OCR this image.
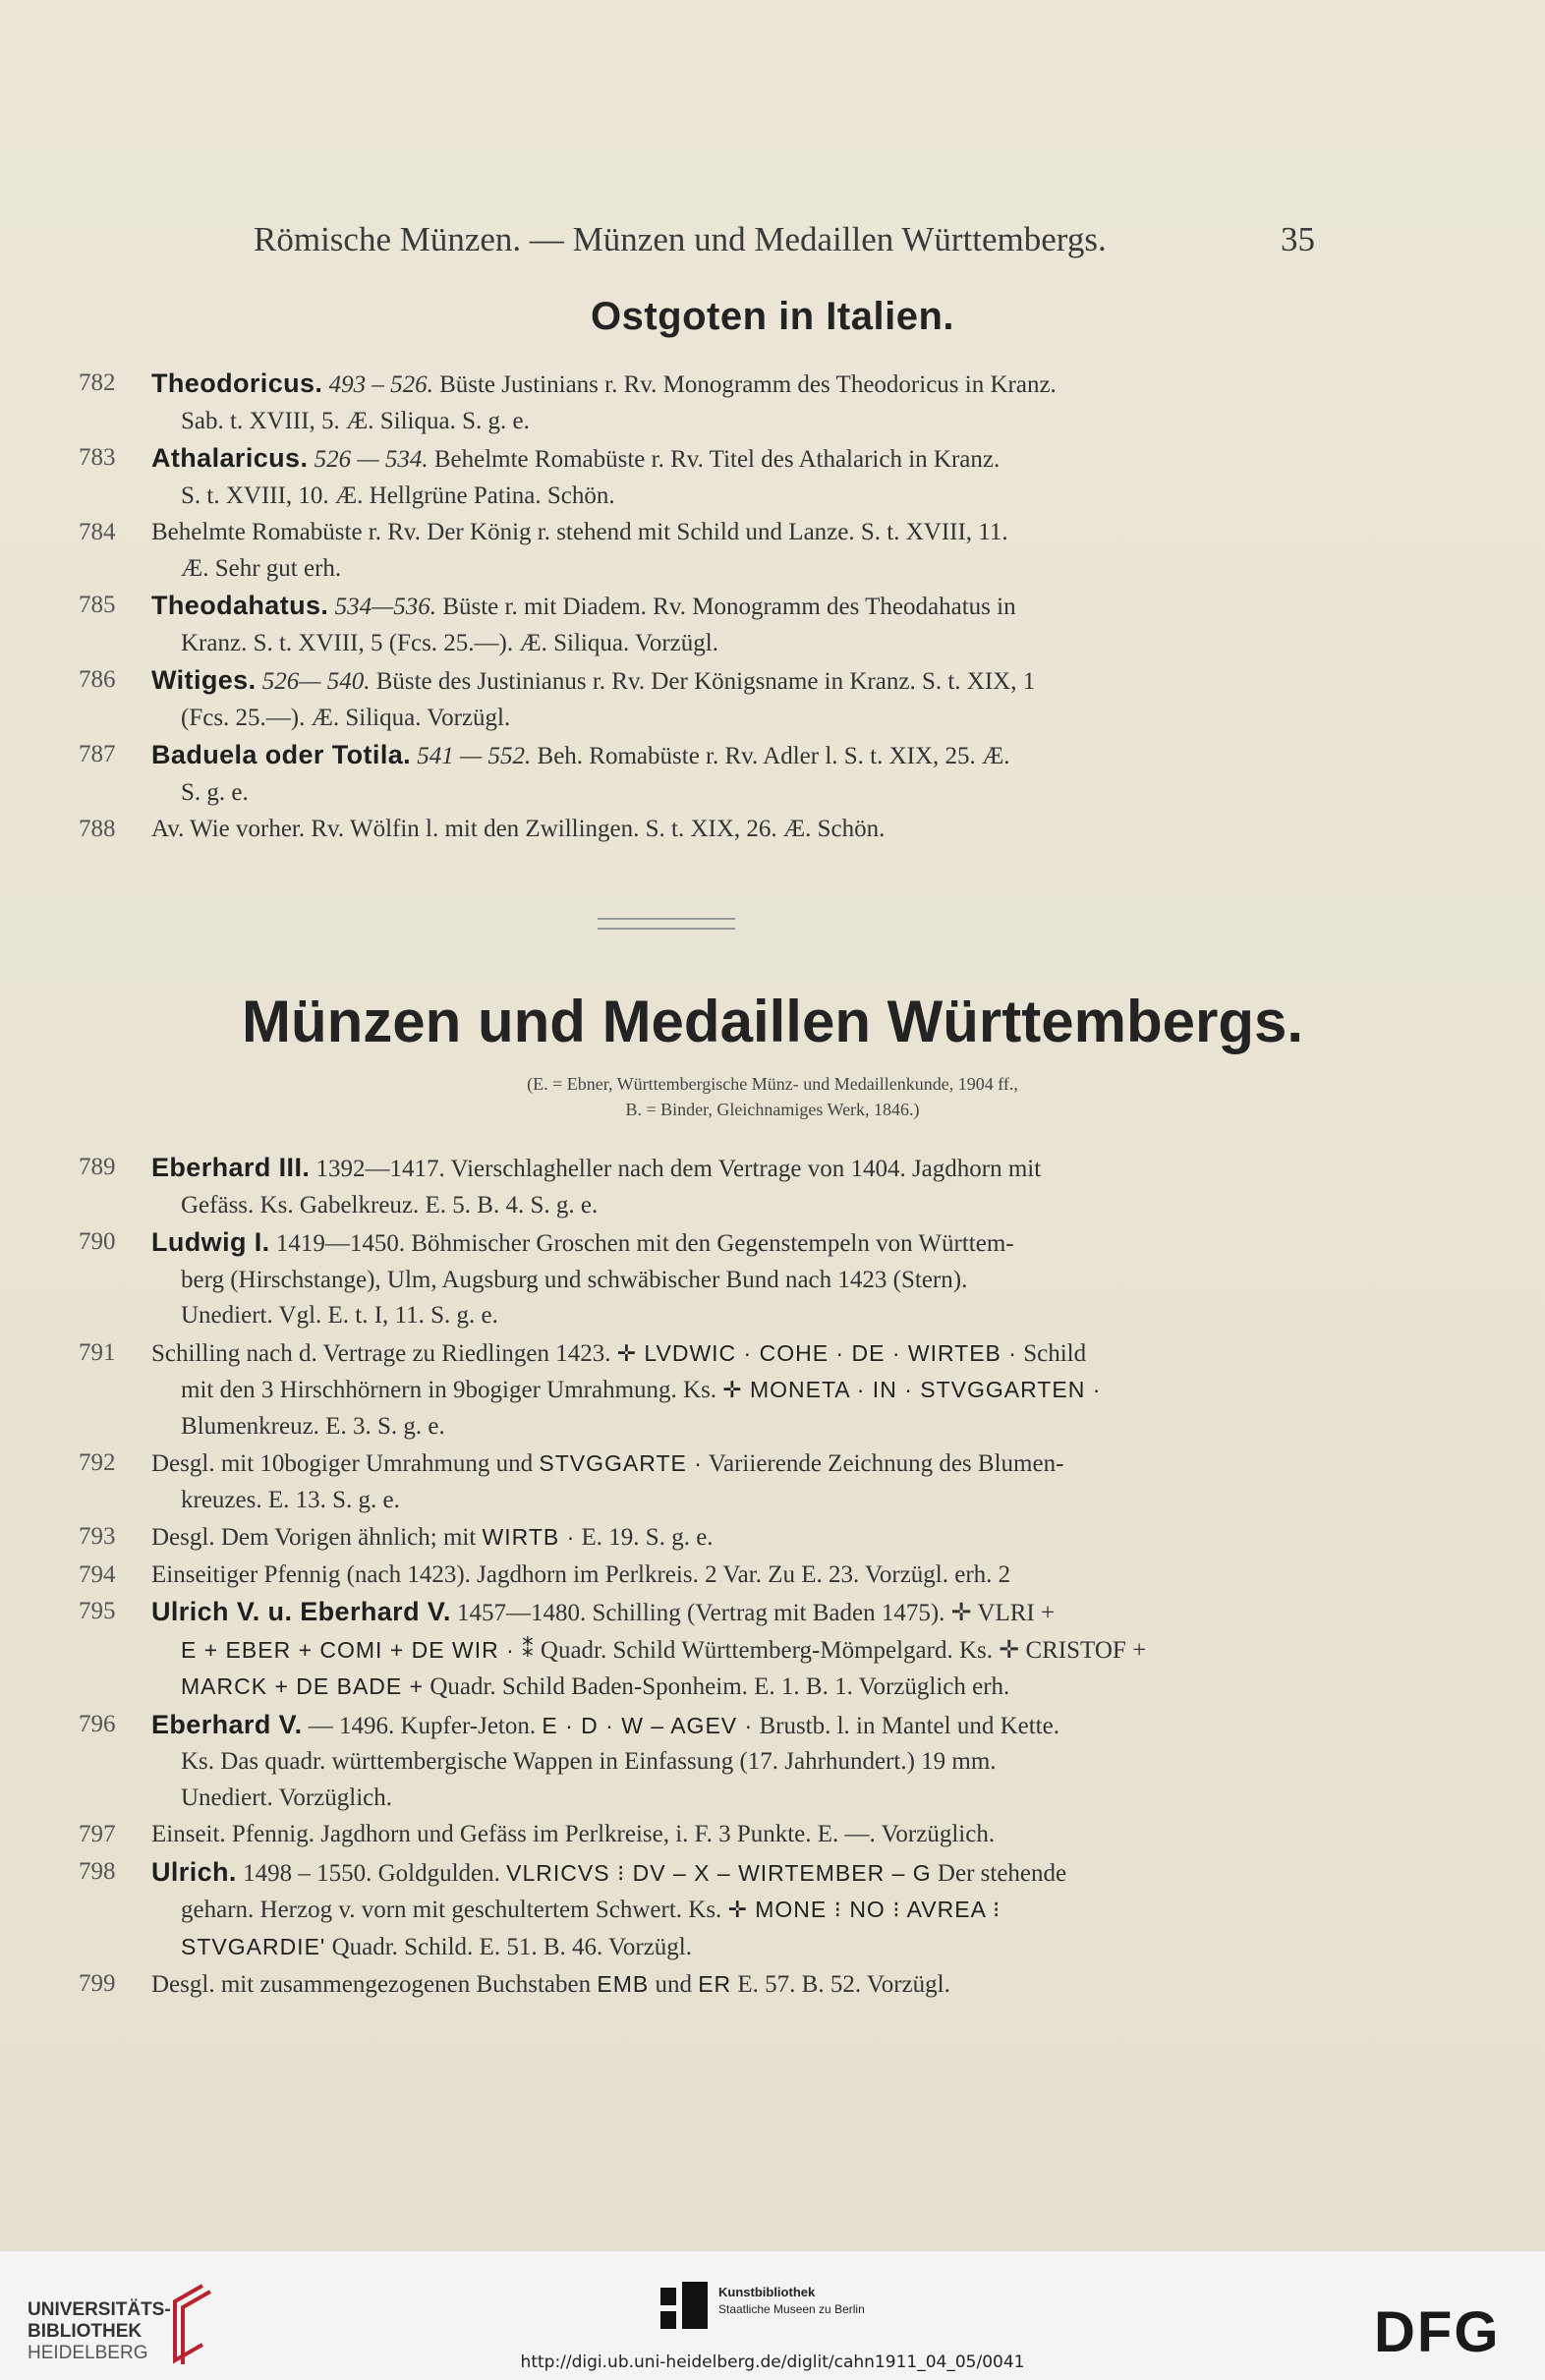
Römische Münzen. — Münzen und Medaillen Württembergs.	35
Ostgoten in Italien.
782 Theodoricus. 493 – 526. Büste Justinians r. Rv. Monogramm des Theodoricus in Kranz.
Sab. t. XVIII, 5. Æ. Siliqua. S. g. e.
783 Athalaricus. 526 — 534. Behelmte Romabüste r. Rv. Titel des Athalarich in Kranz.
S. t. XVIII, 10. Æ. Hellgrüne Patina. Schön.
784 Behelmte Romabüste r. Rv. Der König r. stehend mit Schild und Lanze. S. t. XVIII, 11.
Æ. Sehr gut erh.
785 Theodahatus. 534—536. Büste r. mit Diadem. Rv. Monogramm des Theodahatus in
Kranz. S. t. XVIII, 5 (Fcs. 25.—). Æ. Siliqua. Vorzügl.
786 Witiges. 526— 540. Büste des Justinianus r. Rv. Der Königsname in Kranz. S. t. XIX, 1
(Fcs. 25.—). Æ. Siliqua. Vorzügl.
787 Baduela oder Totila. 541 — 552. Beh. Romabüste r. Rv. Adler l. S. t. XIX, 25. Æ.
S. g. e.
788 Av. Wie vorher. Rv. Wölfin l. mit den Zwillingen. S. t. XIX, 26. Æ. Schön.
Münzen und Medaillen Württembergs.
(E. = Ebner, Württembergische Münz- und Medaillenkunde, 1904 ff.,
B. = Binder, Gleichnamiges Werk, 1846.)
789 Eberhard III. 1392—1417. Vierschlagheller nach dem Vertrage von 1404. Jagdhorn mit
Gefäss. Ks. Gabelkreuz. E. 5. B. 4. S. g. e.
790 Ludwig I. 1419—1450. Böhmischer Groschen mit den Gegenstempeln von Württem-
berg (Hirschstange), Ulm, Augsburg und schwäbischer Bund nach 1423 (Stern).
Unediert. Vgl. E. t. I, 11. S. g. e.
791 Schilling nach d. Vertrage zu Riedlingen 1423. ✛ LVDWIC · COHE · DE · WIRTEB · Schild
mit den 3 Hirschhörnern in 9bogiger Umrahmung. Ks. ✛ MONETA · IN · STVGGARTEN ·
Blumenkreuz. E. 3. S. g. e.
792 Desgl. mit 10bogiger Umrahmung und STVGGARTE · Variierende Zeichnung des Blumen-
kreuzes. E. 13. S. g. e.
793 Desgl. Dem Vorigen ähnlich; mit WIRTB · E. 19. S. g. e.
794 Einseitiger Pfennig (nach 1423). Jagdhorn im Perlkreis. 2 Var. Zu E. 23. Vorzügl. erh. 2
795 Ulrich V. u. Eberhard V. 1457—1480. Schilling (Vertrag mit Baden 1475). ✛ VLRI +
E + EBER + COMI + DE WIR · ⁑ Quadr. Schild Württemberg-Mömpelgard. Ks. ✛ CRISTOF +
MARCK + DE BADE + Quadr. Schild Baden-Sponheim. E. 1. B. 1. Vorzüglich erh.
796 Eberhard V. — 1496. Kupfer-Jeton. E · D · W – AGEV · Brustb. l. in Mantel und Kette.
Ks. Das quadr. württembergische Wappen in Einfassung (17. Jahrhundert.) 19 mm.
Unediert. Vorzüglich.
797 Einseit. Pfennig. Jagdhorn und Gefäss im Perlkreise, i. F. 3 Punkte. E. —. Vorzüglich.
798 Ulrich. 1498 – 1550. Goldgulden. VLRICVS ⁝ DV – X – WIRTEMBER – G Der stehende
geharn. Herzog v. vorn mit geschultertem Schwert. Ks. ✛ MONE ⁝ NO ⁝ AVREA ⁝
STVGARDIE' Quadr. Schild. E. 51. B. 46. Vorzügl.
799 Desgl. mit zusammengezogenen Buchstaben EMB und ER E. 57. B. 52. Vorzügl.
UNIVERSITÄTS-
BIBLIOTHEK
HEIDELBERG
Kunstbibliothek
Staatliche Museen zu Berlin	DFG
http://digi.ub.uni-heidelberg.de/diglit/cahn1911_04_05/0041
